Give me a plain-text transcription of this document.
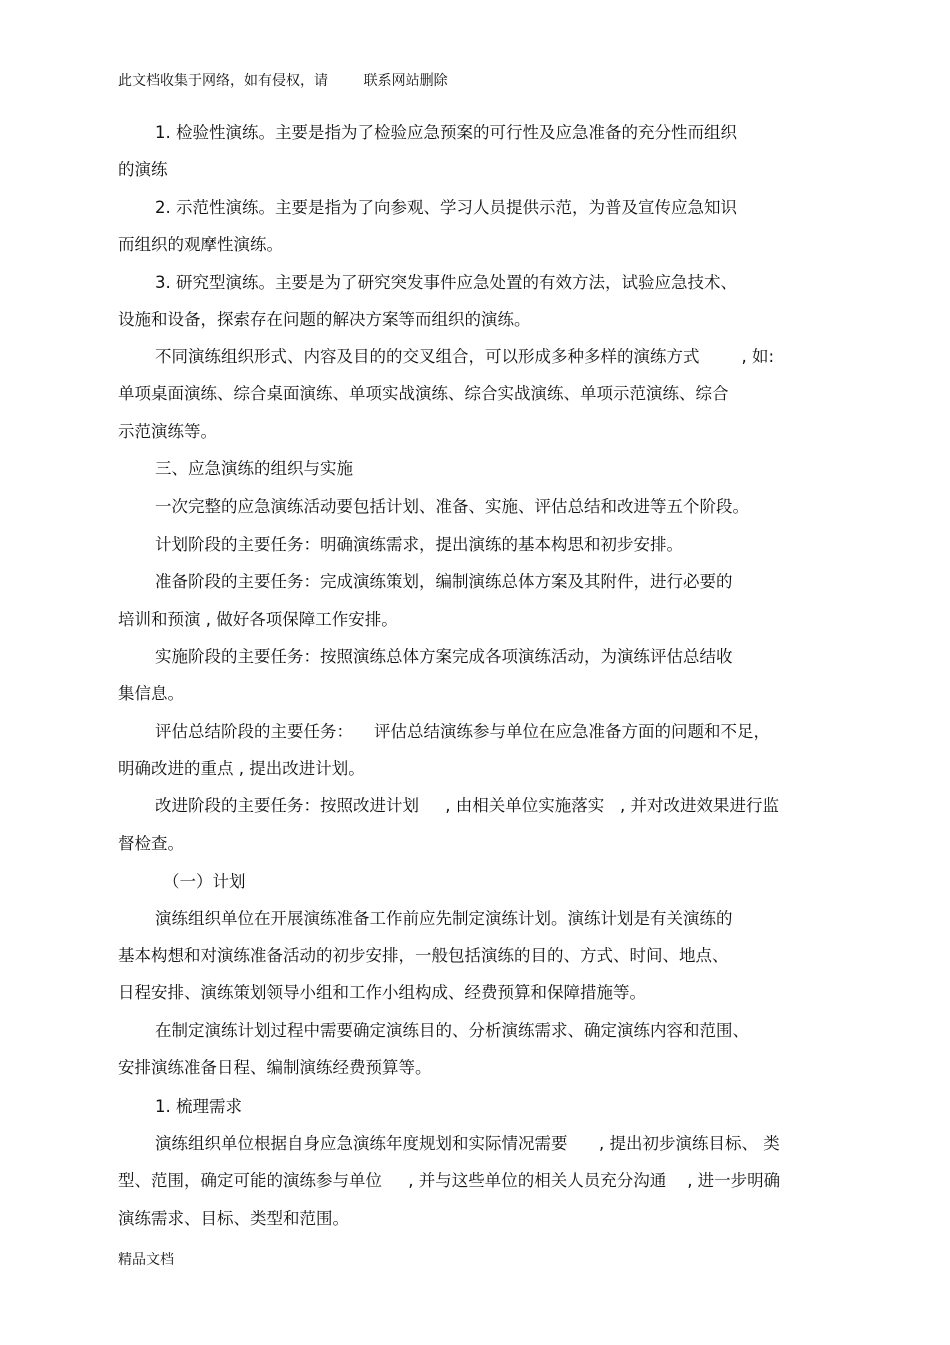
此文档收集于网络，如有侵权，请        联系网站删除
1. 检验性演练。主要是指为了检验应急预案的可行性及应急准备的充分性而组织
的演练
2. 示范性演练。主要是指为了向参观、学习人员提供示范，为普及宣传应急知识
而组织的观摩性演练。
3. 研究型演练。主要是为了研究突发事件应急处置的有效方法，试验应急技术、
设施和设备，探索存在问题的解决方案等而组织的演练。
不同演练组织形式、内容及目的的交叉组合，可以形成多种多样的演练方式        , 如:
单项桌面演练、综合桌面演练、单项实战演练、综合实战演练、单项示范演练、综合
示范演练等。
三、应急演练的组织与实施
一次完整的应急演练活动要包括计划、准备、实施、评估总结和改进等五个阶段。
计划阶段的主要任务：明确演练需求，提出演练的基本构思和初步安排。
准备阶段的主要任务：完成演练策划，编制演练总体方案及其附件，进行必要的
培训和预演 , 做好各项保障工作安排。
实施阶段的主要任务：按照演练总体方案完成各项演练活动，为演练评估总结收
集信息。
评估总结阶段的主要任务：    评估总结演练参与单位在应急准备方面的问题和不足，
明确改进的重点 , 提出改进计划。
改进阶段的主要任务：按照改进计划     , 由相关单位实施落实   , 并对改进效果进行监
督检查。
（一）计划
演练组织单位在开展演练准备工作前应先制定演练计划。演练计划是有关演练的
基本构想和对演练准备活动的初步安排，一般包括演练的目的、方式、时间、地点、
日程安排、演练策划领导小组和工作小组构成、经费预算和保障措施等。
在制定演练计划过程中需要确定演练目的、分析演练需求、确定演练内容和范围、
安排演练准备日程、编制演练经费预算等。
1. 梳理需求
演练组织单位根据自身应急演练年度规划和实际情况需要      , 提出初步演练目标、 类
型、范围，确定可能的演练参与单位     , 并与这些单位的相关人员充分沟通    , 进一步明确
演练需求、目标、类型和范围。
精品文档
